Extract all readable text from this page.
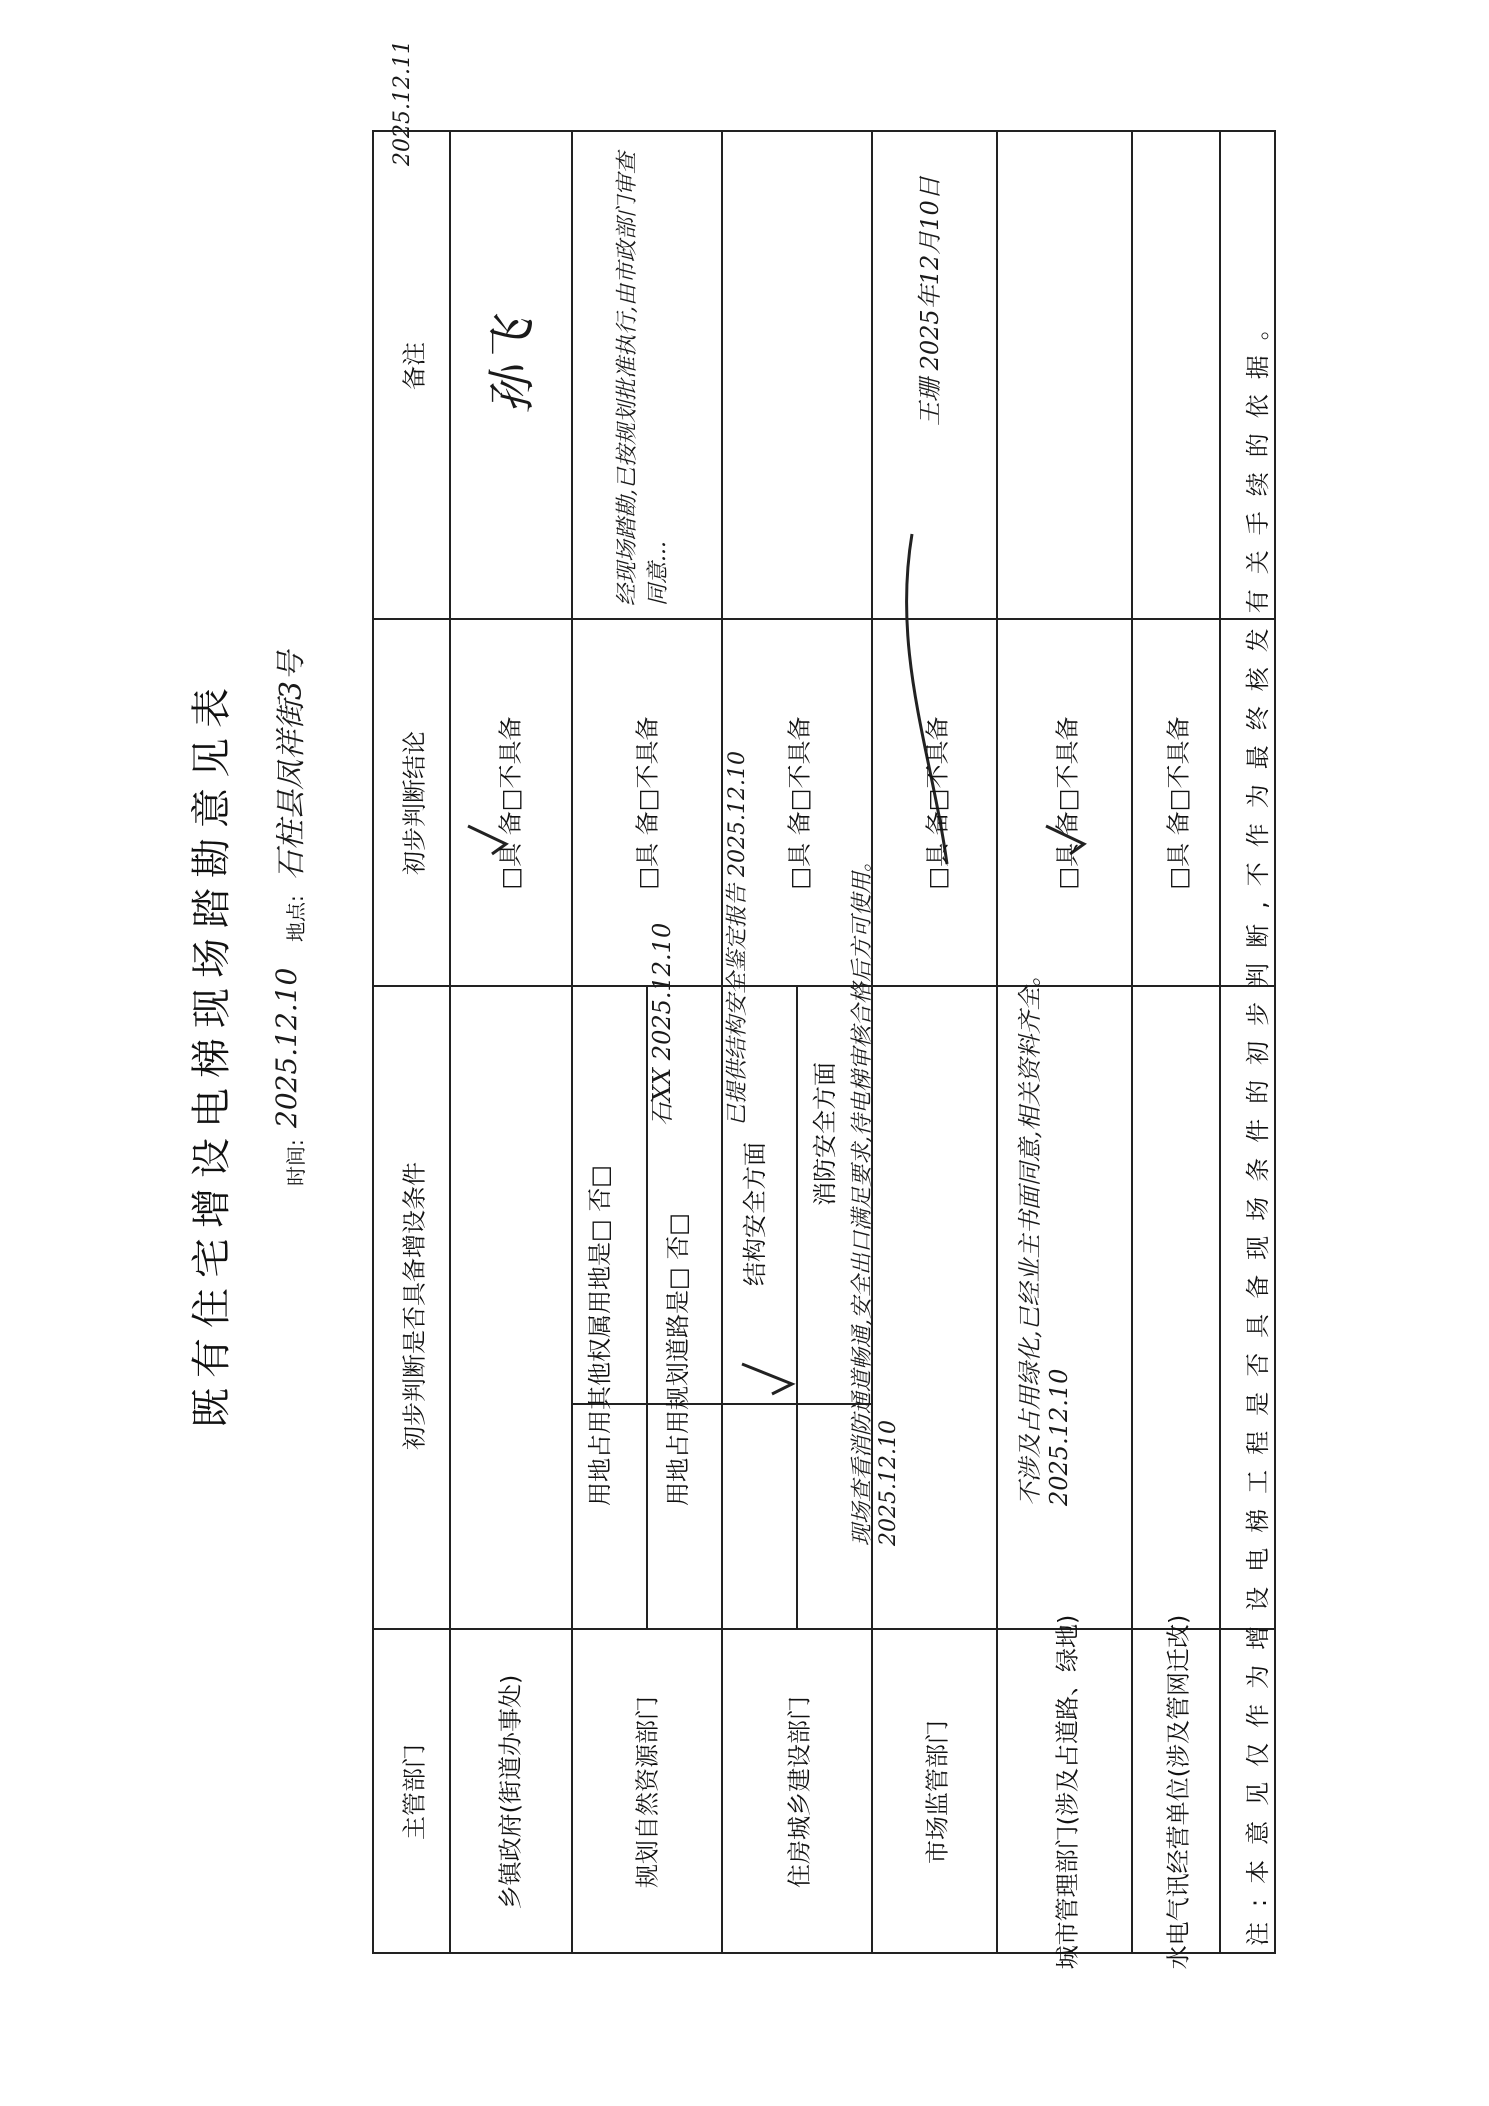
既有住宅增设电梯现场踏勘意见表 时间:
2025.12.10
地点:
石柱县凤祥街3号
主管部门
初步判断是否具备增设条件
初步判断结论
备注
乡镇政府(街道办事处)
□具 备□不具备
孙飞
规划自然资源部门
用地占用其他权属用地是□ 否□ 用地占用规划道路是□ 否□
石XX 2025.12.10
□具 备□不具备
经现场踏勘,已按规划批准执行,由市政部门审查同意...
住房城乡建设部门
结构安全方面
消防安全方面
已提供结构安全鉴定报告 2025.12.10 □具 备□不具备
市场监管部门
现场查看消防通道畅通,安全出口满足要求,待电梯审核合格后方可使用。 2025.12.10
□具 备□不具备
王珊 2025年12月10日
城市管理部门(涉及占道路、绿地)
不涉及占用绿化,已经业主书面同意,相关资料齐全。 2025.12.10
□具 备□不具备
水电气讯经营单位(涉及管网迁改)
□具 备□不具备 注:本意见仅作为增设电梯工程是否具备现场条件的初步判断,不作为最终核发有关手续的依据。
2025.12.11
